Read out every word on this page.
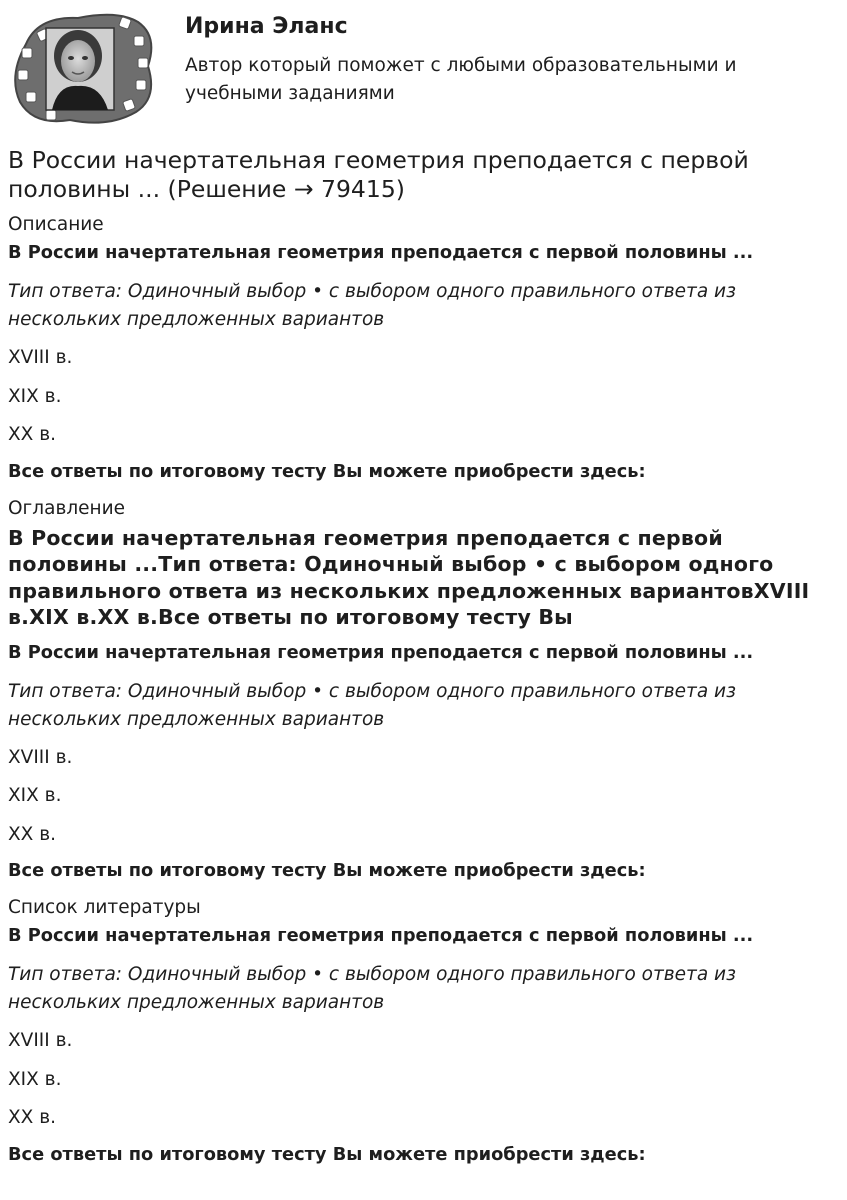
Ирина Эланс
Автор который поможет с любыми образовательными и учебными заданиями
В России начертательная геометрия преподается с первой половины ... (Решение → 79415)
Описание
В России начертательная геометрия преподается с первой половины ...
Тип ответа: Одиночный выбор • с выбором одного правильного ответа из нескольких предложенных вариантов
XVIII в.
XIX в.
XX в.
Все ответы по итоговому тесту Вы можете приобрести здесь:
Оглавление
В России начертательная геометрия преподается с первой половины ...Тип ответа: Одиночный выбор • с выбором одного правильного ответа из нескольких предложенных вариантовXVIII в.XIX в.XX в.Все ответы по итоговому тесту Вы
В России начертательная геометрия преподается с первой половины ...
Тип ответа: Одиночный выбор • с выбором одного правильного ответа из нескольких предложенных вариантов
XVIII в.
XIX в.
XX в.
Все ответы по итоговому тесту Вы можете приобрести здесь:
Список литературы
В России начертательная геометрия преподается с первой половины ...
Тип ответа: Одиночный выбор • с выбором одного правильного ответа из нескольких предложенных вариантов
XVIII в.
XIX в.
XX в.
Все ответы по итоговому тесту Вы можете приобрести здесь:
